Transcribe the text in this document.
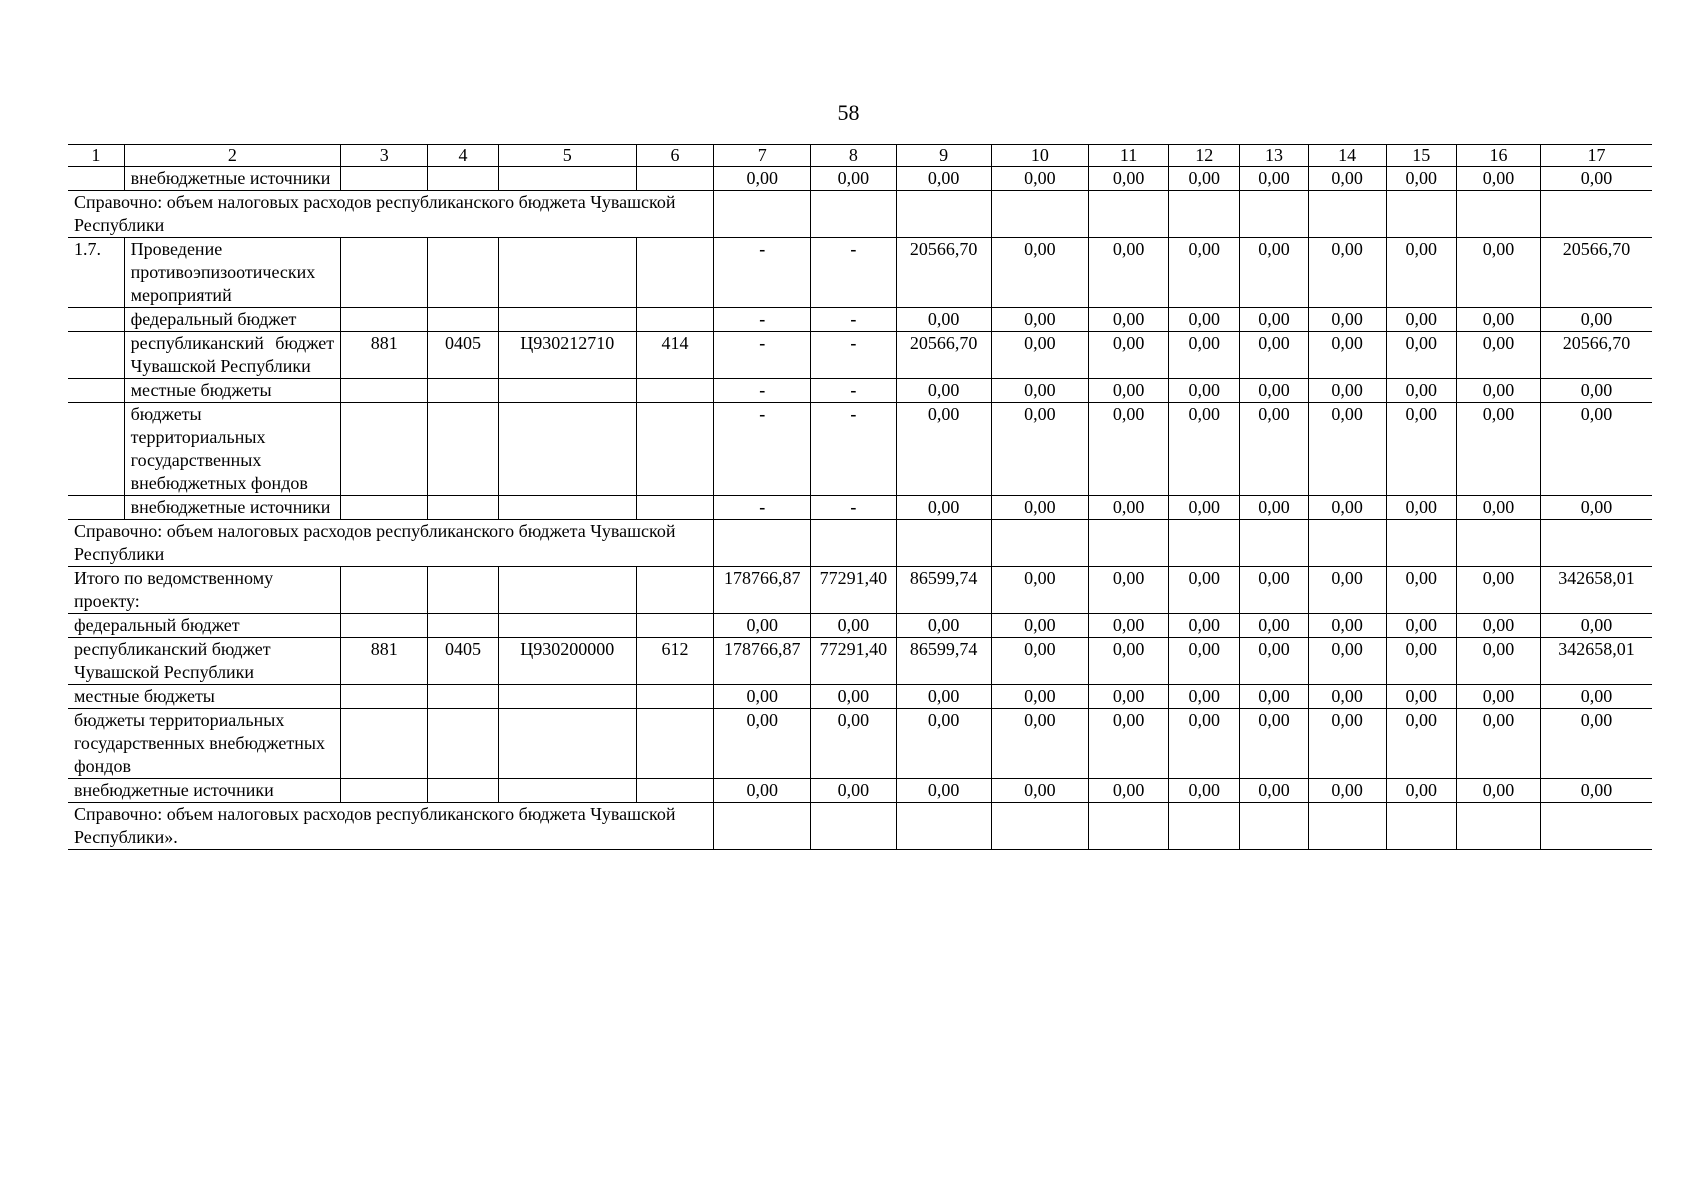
58
1	2	3	4	5	6	7	8	9	10	11	12	13	14	15	16	17
	внебюджетные источники					0,00	0,00	0,00	0,00	0,00	0,00	0,00	0,00	0,00	0,00	0,00
Справочно: объем налоговых расходов республиканского бюджета Чувашской Республики																
1.7.	Проведение противоэпизоотических мероприятий					-	-	20566,70	0,00	0,00	0,00	0,00	0,00	0,00	0,00	20566,70
	федеральный бюджет					-	-	0,00	0,00	0,00	0,00	0,00	0,00	0,00	0,00	0,00
	республиканский бюджет Чувашской Республики	881	0405	Ц930212710	414	-	-	20566,70	0,00	0,00	0,00	0,00	0,00	0,00	0,00	20566,70
	местные бюджеты					-	-	0,00	0,00	0,00	0,00	0,00	0,00	0,00	0,00	0,00
	бюджеты территориальных государственных внебюджетных фондов					-	-	0,00	0,00	0,00	0,00	0,00	0,00	0,00	0,00	0,00
	внебюджетные источники					-	-	0,00	0,00	0,00	0,00	0,00	0,00	0,00	0,00	0,00
Справочно: объем налоговых расходов республиканского бюджета Чувашской Республики																
Итого по ведомственному проекту:						178766,87	77291,40	86599,74	0,00	0,00	0,00	0,00	0,00	0,00	0,00	342658,01
федеральный бюджет						0,00	0,00	0,00	0,00	0,00	0,00	0,00	0,00	0,00	0,00	0,00
республиканский бюджет Чувашской Республики		881	0405	Ц930200000	612	178766,87	77291,40	86599,74	0,00	0,00	0,00	0,00	0,00	0,00	0,00	342658,01
местные бюджеты						0,00	0,00	0,00	0,00	0,00	0,00	0,00	0,00	0,00	0,00	0,00
бюджеты территориальных государственных внебюджетных фондов						0,00	0,00	0,00	0,00	0,00	0,00	0,00	0,00	0,00	0,00	0,00
внебюджетные источники						0,00	0,00	0,00	0,00	0,00	0,00	0,00	0,00	0,00	0,00	0,00
Справочно: объем налоговых расходов республиканского бюджета Чувашской Республики».																
